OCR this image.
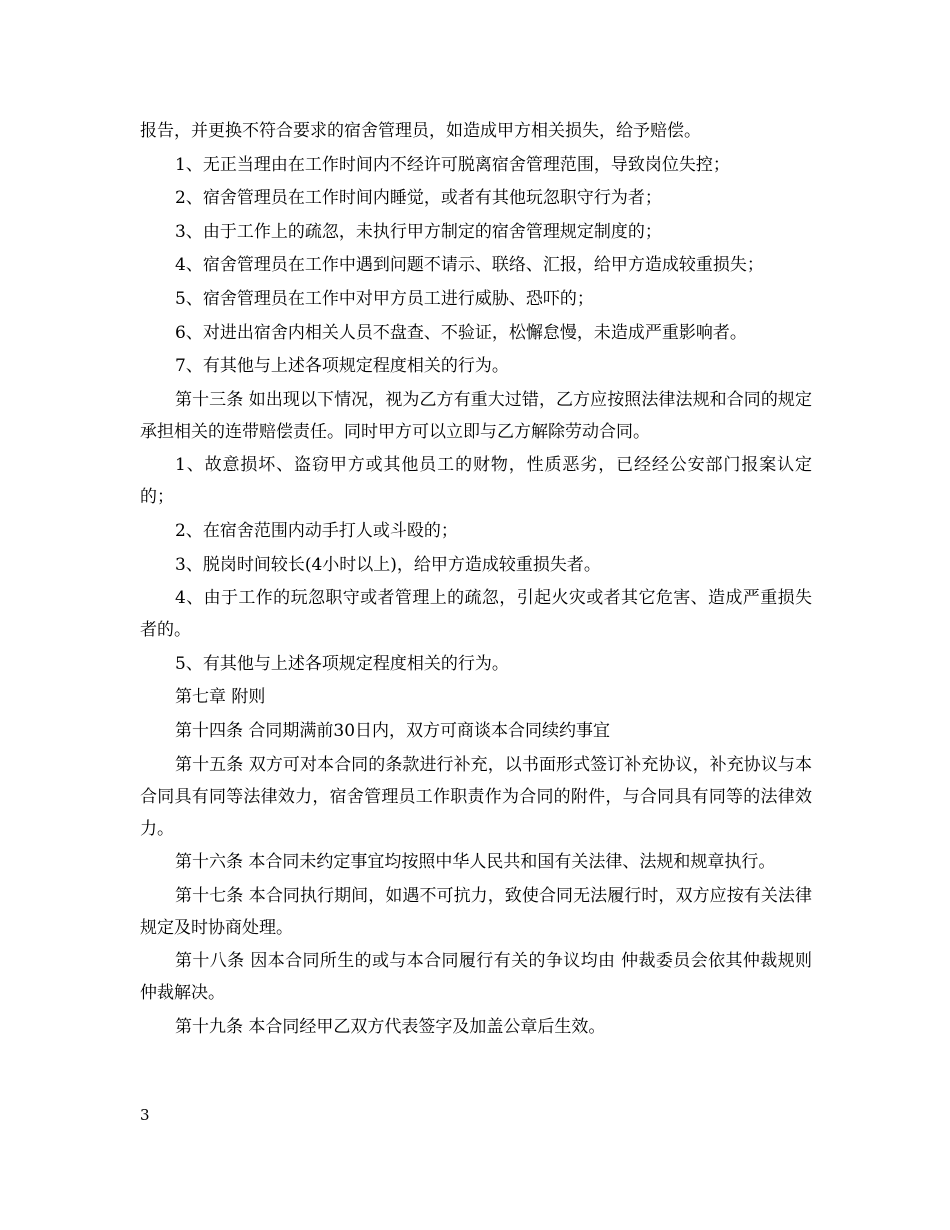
报告，并更换不符合要求的宿舍管理员，如造成甲方相关损失，给予赔偿。

1、无正当理由在工作时间内不经许可脱离宿舍管理范围，导致岗位失控；

2、宿舍管理员在工作时间内睡觉，或者有其他玩忽职守行为者；

3、由于工作上的疏忽，未执行甲方制定的宿舍管理规定制度的；

4、宿舍管理员在工作中遇到问题不请示、联络、汇报，给甲方造成较重损失；

5、宿舍管理员在工作中对甲方员工进行威胁、恐吓的；

6、对进出宿舍内相关人员不盘查、不验证，松懈怠慢，未造成严重影响者。

7、有其他与上述各项规定程度相关的行为。

第十三条 如出现以下情况，视为乙方有重大过错，乙方应按照法律法规和合同的规定承担相关的连带赔偿责任。同时甲方可以立即与乙方解除劳动合同。

1、故意损坏、盗窃甲方或其他员工的财物，性质恶劣，已经经公安部门报案认定的；

2、在宿舍范围内动手打人或斗殴的；

3、脱岗时间较长(4小时以上)，给甲方造成较重损失者。

4、由于工作的玩忽职守或者管理上的疏忽，引起火灾或者其它危害、造成严重损失者的。

5、有其他与上述各项规定程度相关的行为。

第七章 附则

第十四条 合同期满前30日内，双方可商谈本合同续约事宜

第十五条 双方可对本合同的条款进行补充，以书面形式签订补充协议，补充协议与本合同具有同等法律效力，宿舍管理员工作职责作为合同的附件，与合同具有同等的法律效力。

第十六条 本合同未约定事宜均按照中华人民共和国有关法律、法规和规章执行。

第十七条 本合同执行期间，如遇不可抗力，致使合同无法履行时，双方应按有关法律规定及时协商处理。

第十八条 因本合同所生的或与本合同履行有关的争议均由 仲裁委员会依其仲裁规则仲裁解决。

第十九条 本合同经甲乙双方代表签字及加盖公章后生效。

3
